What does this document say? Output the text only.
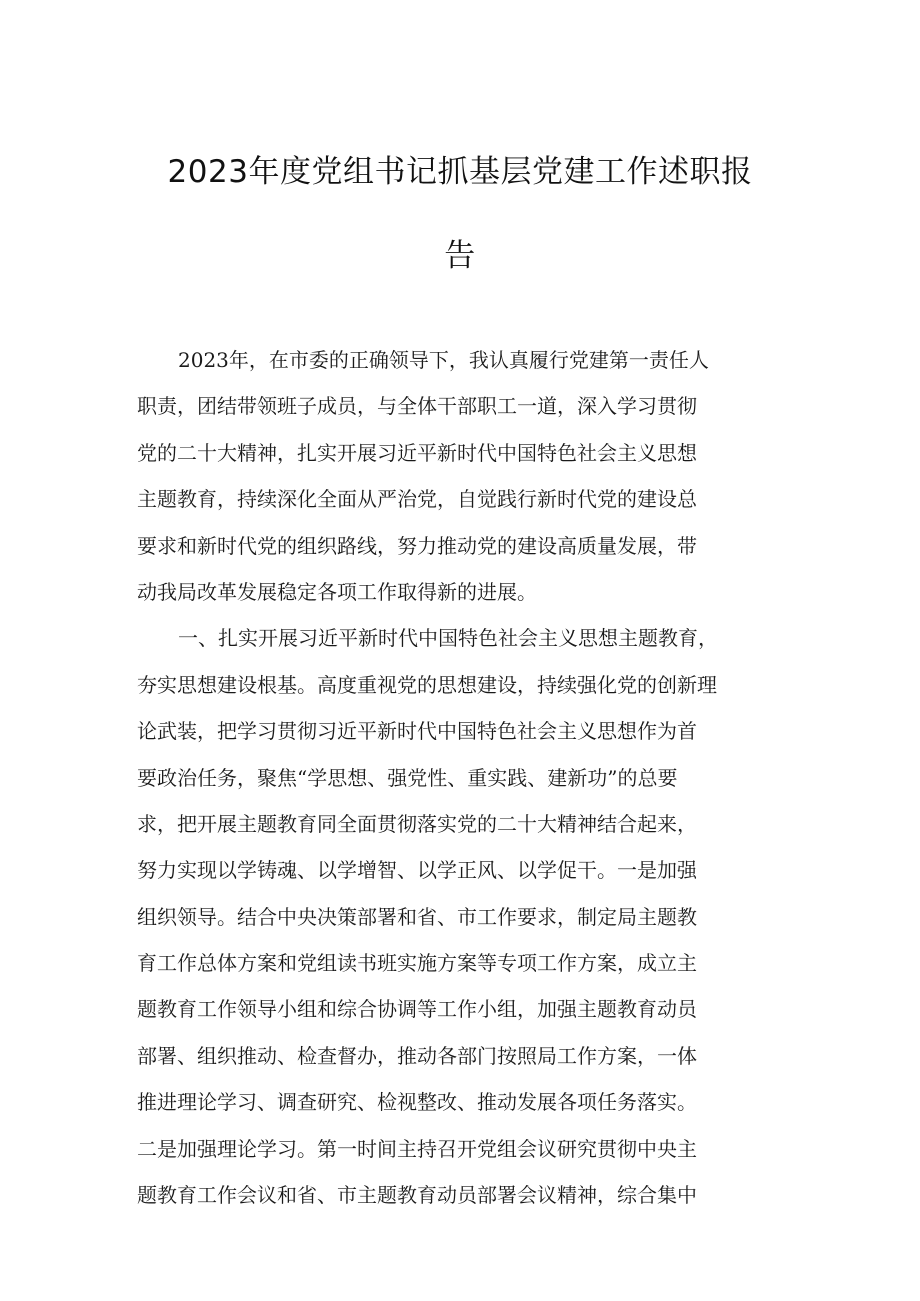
2023年度党组书记抓基层党建工作述职报
告
2023年，在市委的正确领导下，我认真履行党建第一责任人
职责，团结带领班子成员，与全体干部职工一道，深入学习贯彻
党的二十大精神，扎实开展习近平新时代中国特色社会主义思想
主题教育，持续深化全面从严治党，自觉践行新时代党的建设总
要求和新时代党的组织路线，努力推动党的建设高质量发展，带
动我局改革发展稳定各项工作取得新的进展。
一、扎实开展习近平新时代中国特色社会主义思想主题教育，
夯实思想建设根基。高度重视党的思想建设，持续强化党的创新理
论武装，把学习贯彻习近平新时代中国特色社会主义思想作为首
要政治任务，聚焦“学思想、强党性、重实践、建新功”的总要
求，把开展主题教育同全面贯彻落实党的二十大精神结合起来，
努力实现以学铸魂、以学增智、以学正风、以学促干。一是加强
组织领导。结合中央决策部署和省、市工作要求，制定局主题教
育工作总体方案和党组读书班实施方案等专项工作方案，成立主
题教育工作领导小组和综合协调等工作小组，加强主题教育动员
部署、组织推动、检查督办，推动各部门按照局工作方案，一体
推进理论学习、调查研究、检视整改、推动发展各项任务落实。
二是加强理论学习。第一时间主持召开党组会议研究贯彻中央主
题教育工作会议和省、市主题教育动员部署会议精神，综合集中
